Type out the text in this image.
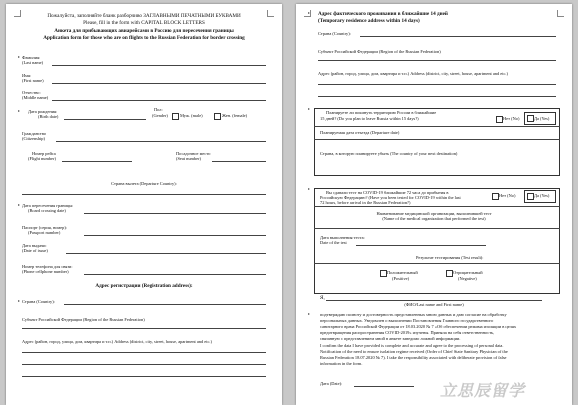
Пожалуйста, заполняйте бланк разборчиво ЗАГЛАВНЫМИ ПЕЧАТНЫМИ БУКВАМИ
Please, fill in the form with CAPITAL BLOCK LETTERS
Анкета для прибывающих авиарейсами в Россию для пересечения границы
Application form for those who are on flights to the Russian Federation for border crossing
Фамилия:
(Last name)
Имя:
(First name)
Отчество:
(Middle name)
Дата рождения:
(Birth date)
Пол:
(Gender)	Муж. (male)	Жен. (female)
Гражданство
(Citizenship)
Номер рейса
(Flight number)
Посадочное место
(Seat number)
Страна вылета (Departure Country):
Дата пересечения границы:
(Board crossing date)
Паспорт (серия, номер):
(Passport number)
Дата выдачи:
(Date of issue)
Номер телефона для связи:
(Phone cellphone number)
Адрес регистрации (Registration address):
Страна (Country):
Субъект Российской Федерации (Region of the Russian Federation)
Адрес (район, город, улица, дом, квартира и т.п.) Address (district, city, street, house, apartment and etc.)
Адрес фактического проживания в ближайшие 14 дней
(Temporary residence address within 14 days)
Страна (Country):
Субъект Российской Федерации (Region of the Russian Federation)
Адрес (район, город, улица, дом, квартира и т.п.) Address (district, city, street, house, apartment and etc.)
Планируете ли покинуть территорию России в ближайшие
15 дней? (Do you plan to leave Russia within 15 days?)	Нет (No)	Да (Yes)
Планируемая дата отъезда (Departure date)
Страна, в которую планируете убыть (The country of your next destination)
Вы сдавали тест на COVID-19 ближайшие 72 часа до прибытия в
Российскую Федерацию? (Have you been tested for COVID-19 within the last
72 hours, before arrival in the Russian Federation?)
Нет (No)	Да (Yes)
Наименование медицинской организации, выполнившей тест
(Name of the medical organization that performed the test)
Дата выполнения теста:
Date of the test
Результат тестирования (Test result):
Положительный
(Positive)
Отрицательный
(Negative)
Я,
(ФИО/Last name and First name)
подтверждаю полноту и достоверность представленных мною данных и даю согласие на обработку
персональных данных. Уведомлен о выполнении Постановления Главного государственного
санитарного врача Российской Федерации от 18.03.2020 № 7 «Об обеспечении режима изоляции в целях
предотвращения распространения COVID-2019» изучены. Приняла на себя ответственность,
связанную с представлением мной в анкете заведомо ложной информации.
I confirm the data I have provided is complete and accurate and agree to the processing of personal data.
Notification of the need to ensure isolation regime received (Order of Chief State Sanitary Physician of the
Russian Federation 18.07.2020 № 7). I take the responsibility associated with deliberate provision of false
information in the form.
Дата (Date):	立思辰留学
